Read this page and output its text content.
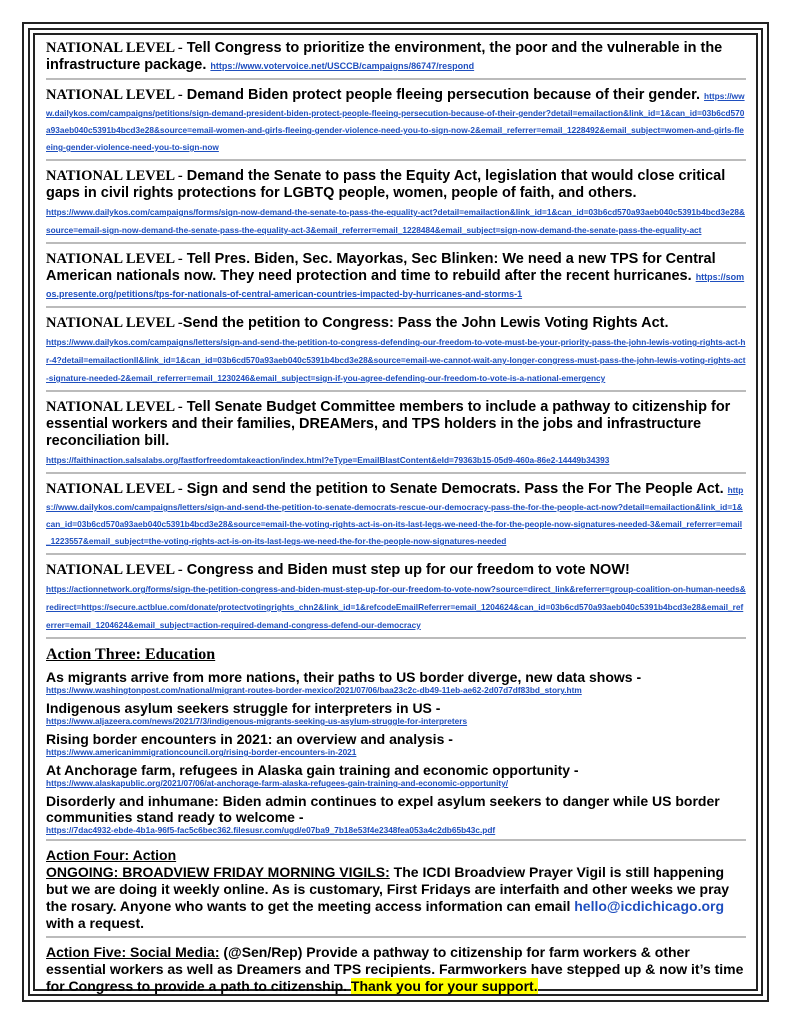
NATIONAL LEVEL - Tell Congress to prioritize the environment, the poor and the vulnerable in the infrastructure package. https://www.votervoice.net/USCCB/campaigns/86747/respond
NATIONAL LEVEL - Demand Biden protect people fleeing persecution because of their gender. https://www.dailykos.com/campaigns/petitions/sign-demand-president-biden-protect-people-fleeing-persecution-because-of-their-gender?detail=emailaction&link_id=1&can_id=03b6cd570a93aeb040c5391b4bcd3e28&source=email-women-and-girls-fleeing-gender-violence-need-you-to-sign-now-2&email_referrer=email_1228492&email_subject=women-and-girls-fleeing-gender-violence-need-you-to-sign-now
NATIONAL LEVEL - Demand the Senate to pass the Equity Act, legislation that would close critical gaps in civil rights protections for LGBTQ people, women, people of faith, and others.
https://www.dailykos.com/campaigns/forms/sign-now-demand-the-senate-to-pass-the-equality-act?detail=emailaction&link_id=1&can_id=03b6cd570a93aeb040c5391b4bcd3e28&source=email-sign-now-demand-the-senate-pass-the-equality-act-3&email_referrer=email_1228484&email_subject=sign-now-demand-the-senate-pass-the-equality-act
NATIONAL LEVEL - Tell Pres. Biden, Sec. Mayorkas, Sec Blinken: We need a new TPS for Central American nationals now. They need protection and time to rebuild after the recent hurricanes. https://somos.presente.org/petitions/tps-for-nationals-of-central-american-countries-impacted-by-hurricanes-and-storms-1
NATIONAL LEVEL -Send the petition to Congress: Pass the John Lewis Voting Rights Act.
https://www.dailykos.com/campaigns/letters/sign-and-send-the-petition-to-congress-defending-our-freedom-to-vote-must-be-your-priority-pass-the-john-lewis-voting-rights-act-hr-4?detail=emailactionll&link_id=1&can_id=03b6cd570a93aeb040c5391b4bcd3e28&source=email-we-cannot-wait-any-longer-congress-must-pass-the-john-lewis-voting-rights-act-signature-needed-2&email_referrer=email_1230246&email_subject=sign-if-you-agree-defending-our-freedom-to-vote-is-a-national-emergency
NATIONAL LEVEL - Tell Senate Budget Committee members to include a pathway to citizenship for essential workers and their families, DREAMers, and TPS holders in the jobs and infrastructure reconciliation bill.
https://faithinaction.salsalabs.org/fastforfreedomtakeaction/index.html?eType=EmailBlastContent&eId=79363b15-05d9-460a-86e2-14449b34393
NATIONAL LEVEL - Sign and send the petition to Senate Democrats. Pass the For The People Act. https://www.dailykos.com/campaigns/letters/sign-and-send-the-petition-to-senate-democrats-rescue-our-democracy-pass-the-for-the-people-act-now?detail=emailaction&link_id=1&can_id=03b6cd570a93aeb040c5391b4bcd3e28&source=email-the-voting-rights-act-is-on-its-last-legs-we-need-the-for-the-people-now-signatures-needed-3&email_referrer=email_1223557&email_subject=the-voting-rights-act-is-on-its-last-legs-we-need-the-for-the-people-now-signatures-needed
NATIONAL LEVEL - Congress and Biden must step up for our freedom to vote NOW!
https://actionnetwork.org/forms/sign-the-petition-congress-and-biden-must-step-up-for-our-freedom-to-vote-now?source=direct_link&referrer=group-coalition-on-human-needs&redirect=https://secure.actblue.com/donate/protectvotingrights_chn2&link_id=1&refcodeEmailReferrer=email_1204624&can_id=03b6cd570a93aeb040c5391b4bcd3e28&email_referrer=email_1204624&email_subject=action-required-demand-congress-defend-our-democracy
Action Three: Education
As migrants arrive from more nations, their paths to US border diverge, new data shows -
https://www.washingtonpost.com/national/migrant-routes-border-mexico/2021/07/06/baa23c2c-db49-11eb-ae62-2d07d7df83bd_story.htm
Indigenous asylum seekers struggle for interpreters in US -
https://www.aljazeera.com/news/2021/7/3/indigenous-migrants-seeking-us-asylum-struggle-for-interpreters
Rising border encounters in 2021: an overview and analysis -
https://www.americanimmigrationcouncil.org/rising-border-encounters-in-2021
At Anchorage farm, refugees in Alaska gain training and economic opportunity -
https://www.alaskapublic.org/2021/07/06/at-anchorage-farm-alaska-refugees-gain-training-and-economic-opportunity/
Disorderly and inhumane: Biden admin continues to expel asylum seekers to danger while US border communities stand ready to welcome -
https://7dac4932-ebde-4b1a-96f5-fac5c6bec362.filesusr.com/ugd/e07ba9_7b18e53f4e2348fea053a4c2db65b43c.pdf
Action Four: Action
ONGOING: BROADVIEW FRIDAY MORNING VIGILS: The ICDI Broadview Prayer Vigil is still happening but we are doing it weekly online. As is customary, First Fridays are interfaith and other weeks we pray the rosary. Anyone who wants to get the meeting access information can email hello@icdichicago.org with a request.
Action Five: Social Media: (@Sen/Rep) Provide a pathway to citizenship for farm workers & other essential workers as well as Dreamers and TPS recipients. Farmworkers have stepped up & now it’s time for Congress to provide a path to citizenship. Thank you for your support.
